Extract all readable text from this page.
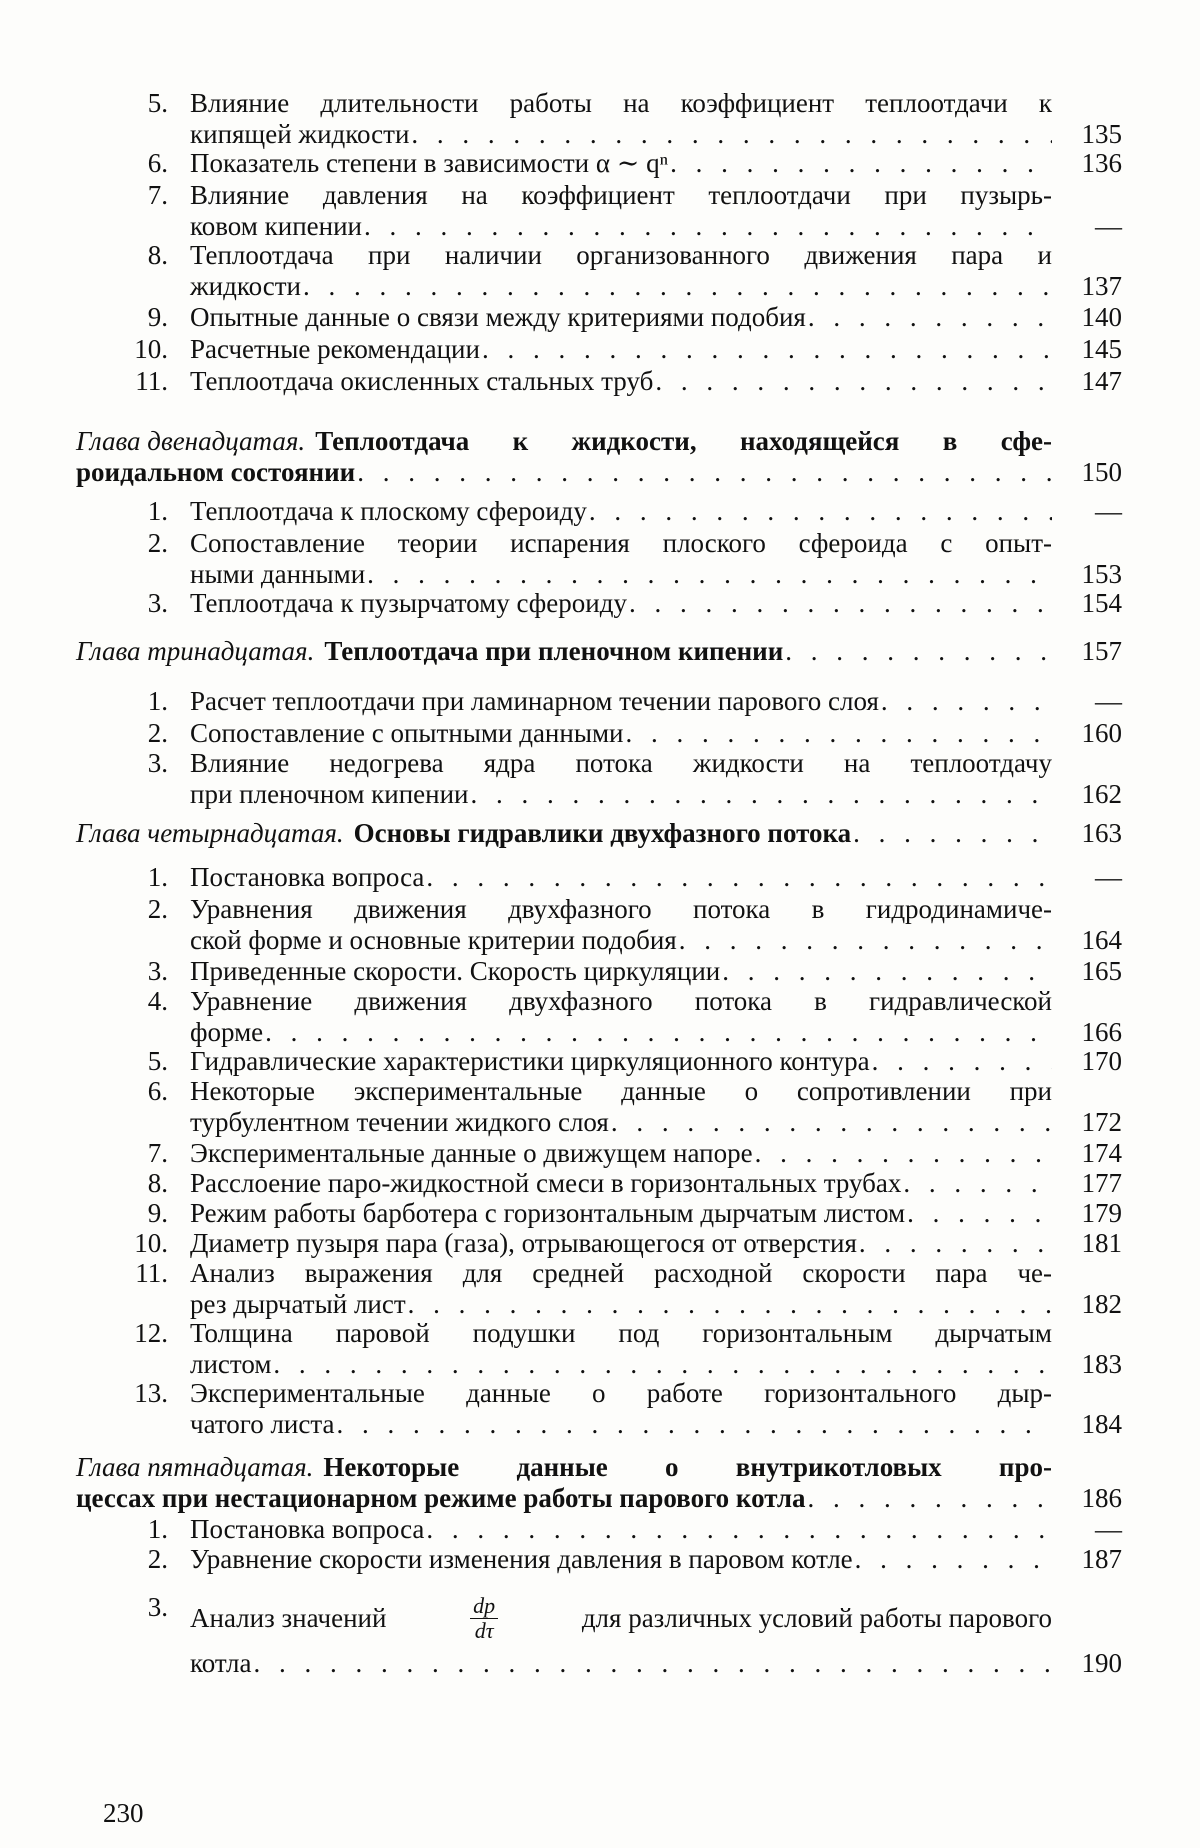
5. Влияние длительности работы на коэффициент теплоотдачи к
кипящей жидкости . . .	135
6. Показатель степени в зависимости α ∼ qⁿ . . .	136
7. Влияние давления на коэффициент теплоотдачи при пузырь-
ковом кипении . . .	—
8. Теплоотдача при наличии организованного движения пара и
жидкости . . .	137
9. Опытные данные о связи между критериями подобия . . .	140
10. Расчетные рекомендации . . .	145
11. Теплоотдача окисленных стальных труб . . .	147
Глава двенадцатая. Теплоотдача к жидкости, находящейся в сфе-
роидальном состоянии . . .	150
1. Теплоотдача к плоскому сфероиду . . .	—
2. Сопоставление теории испарения плоского сфероида с опыт-
ными данными . . .	153
3. Теплоотдача к пузырчатому сфероиду . . .	154
Глава тринадцатая. Теплоотдача при пленочном кипении . . .	157
1. Расчет теплоотдачи при ламинарном течении парового слоя . . .	—
2. Сопоставление с опытными данными . . .	160
3. Влияние недогрева ядра потока жидкости на теплоотдачу
при пленочном кипении . . .	162
Глава четырнадцатая. Основы гидравлики двухфазного потока . . .	163
1. Постановка вопроса . . .	—
2. Уравнения движения двухфазного потока в гидродинамиче-
ской форме и основные критерии подобия . . .	164
3. Приведенные скорости. Скорость циркуляции . . .	165
4. Уравнение движения двухфазного потока в гидравлической
форме . . .	166
5. Гидравлические характеристики циркуляционного контура . . .	170
6. Некоторые экспериментальные данные о сопротивлении при
турбулентном течении жидкого слоя . . .	172
7. Экспериментальные данные о движущем напоре . . .	174
8. Расслоение паро-жидкостной смеси в горизонтальных трубах . . .	177
9. Режим работы барботера с горизонтальным дырчатым листом . . .	179
10. Диаметр пузыря пара (газа), отрывающегося от отверстия . . .	181
11. Анализ выражения для средней расходной скорости пара че-
рез дырчатый лист . . .	182
12. Толщина паровой подушки под горизонтальным дырчатым
листом . . .	183
13. Экспериментальные данные о работе горизонтального дыр-
чатого листа . . .	184
Глава пятнадцатая. Некоторые данные о внутрикотловых про-
цессах при нестационарном режиме работы парового котла . . .	186
1. Постановка вопроса . . .	—
2. Уравнение скорости изменения давления в паровом котле . . .	187
3. Анализ значений	$\frac{dp}{d\tau}$	для различных условий работы парового
котла . . .	190
230
